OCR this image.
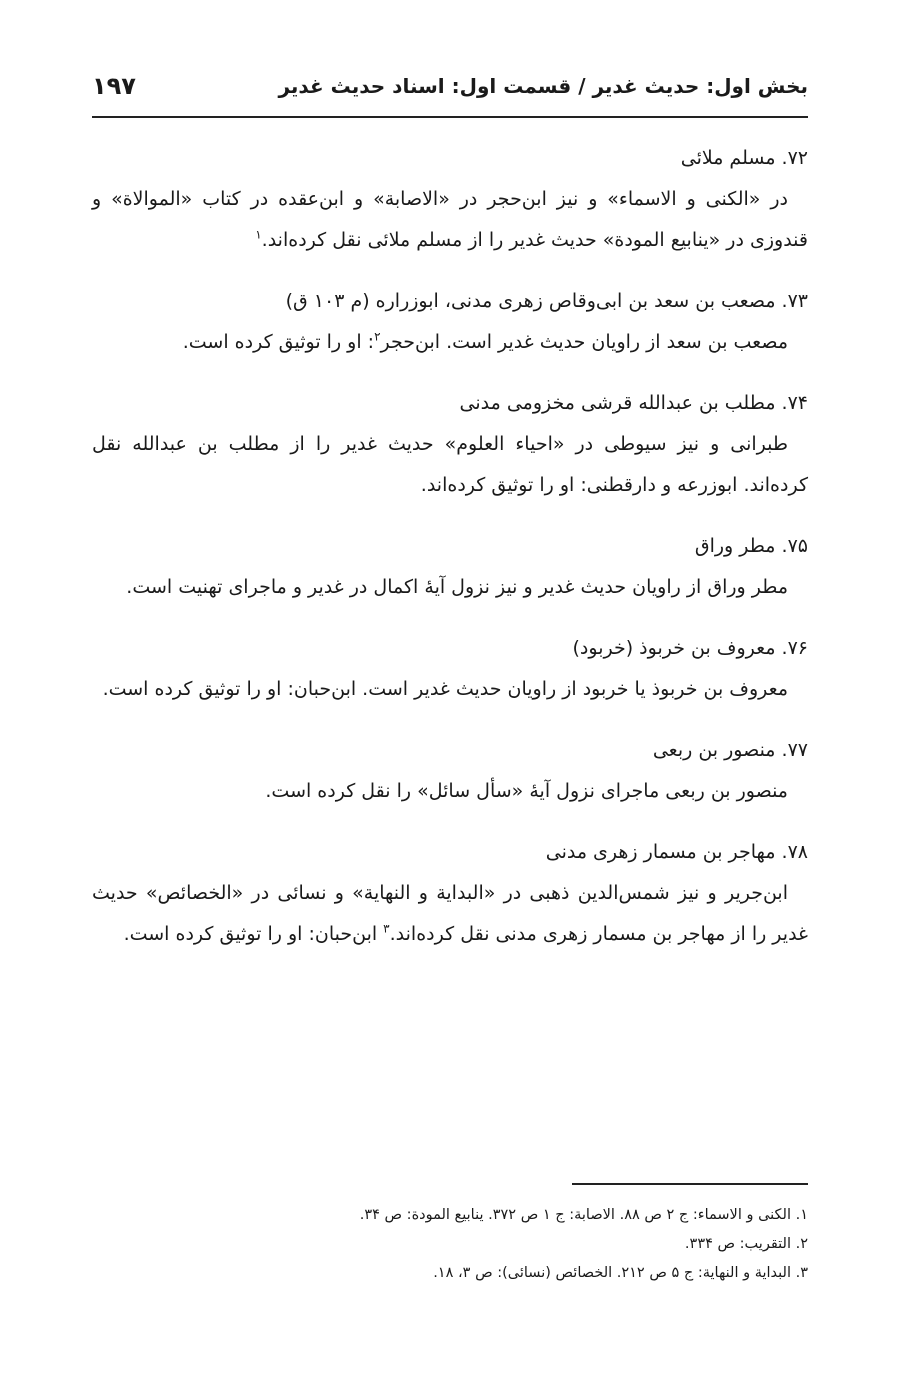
بخش اول: حدیث غدیر / قسمت اول: اسناد حدیث غدیر
۱۹۷
۷۲. مسلم ملائی
در «الکنی و الاسماء» و نیز ابن‌حجر در «الاصابة» و ابن‌عقده در کتاب «الموالاة» و قندوزی در «ینابیع المودة» حدیث غدیر را از مسلم ملائی نقل کرده‌اند.$^۱$
۷۳. مصعب بن سعد بن ابی‌وقاص زهری مدنی، ابوزراره (م ۱۰۳ ق)
مصعب بن سعد از راویان حدیث غدیر است. ابن‌حجر$^۲$: او را توثیق کرده است.
۷۴. مطلب بن عبدالله قرشی مخزومی مدنی
طبرانی و نیز سیوطی در «احیاء العلوم» حدیث غدیر را از مطلب بن عبدالله نقل کرده‌اند. ابوزرعه و دارقطنی: او را توثیق کرده‌اند.
۷۵. مطر وراق
مطر وراق از راویان حدیث غدیر و نیز نزول آیهٔ اکمال در غدیر و ماجرای تهنیت است.
۷۶. معروف بن خربوذ (خربود)
معروف بن خربوذ یا خربود از راویان حدیث غدیر است. ابن‌حبان: او را توثیق کرده است.
۷۷. منصور بن ربعی
منصور بن ربعی ماجرای نزول آیهٔ «سأل سائل» را نقل کرده است.
۷۸. مهاجر بن مسمار زهری مدنی
ابن‌جریر و نیز شمس‌الدین ذهبی در «البدایة و النهایة» و نسائی در «الخصائص» حدیث غدیر را از مهاجر بن مسمار زهری مدنی نقل کرده‌اند.$^۳$ ابن‌حبان: او را توثیق کرده است.
۱. الکنی و الاسماء: ج ۲ ص ۸۸. الاصابة: ج ۱ ص ۳۷۲. ینابیع المودة: ص ۳۴.
۲. التقریب: ص ۳۳۴.
۳. البدایة و النهایة: ج ۵ ص ۲۱۲. الخصائص (نسائی): ص ۳، ۱۸.
